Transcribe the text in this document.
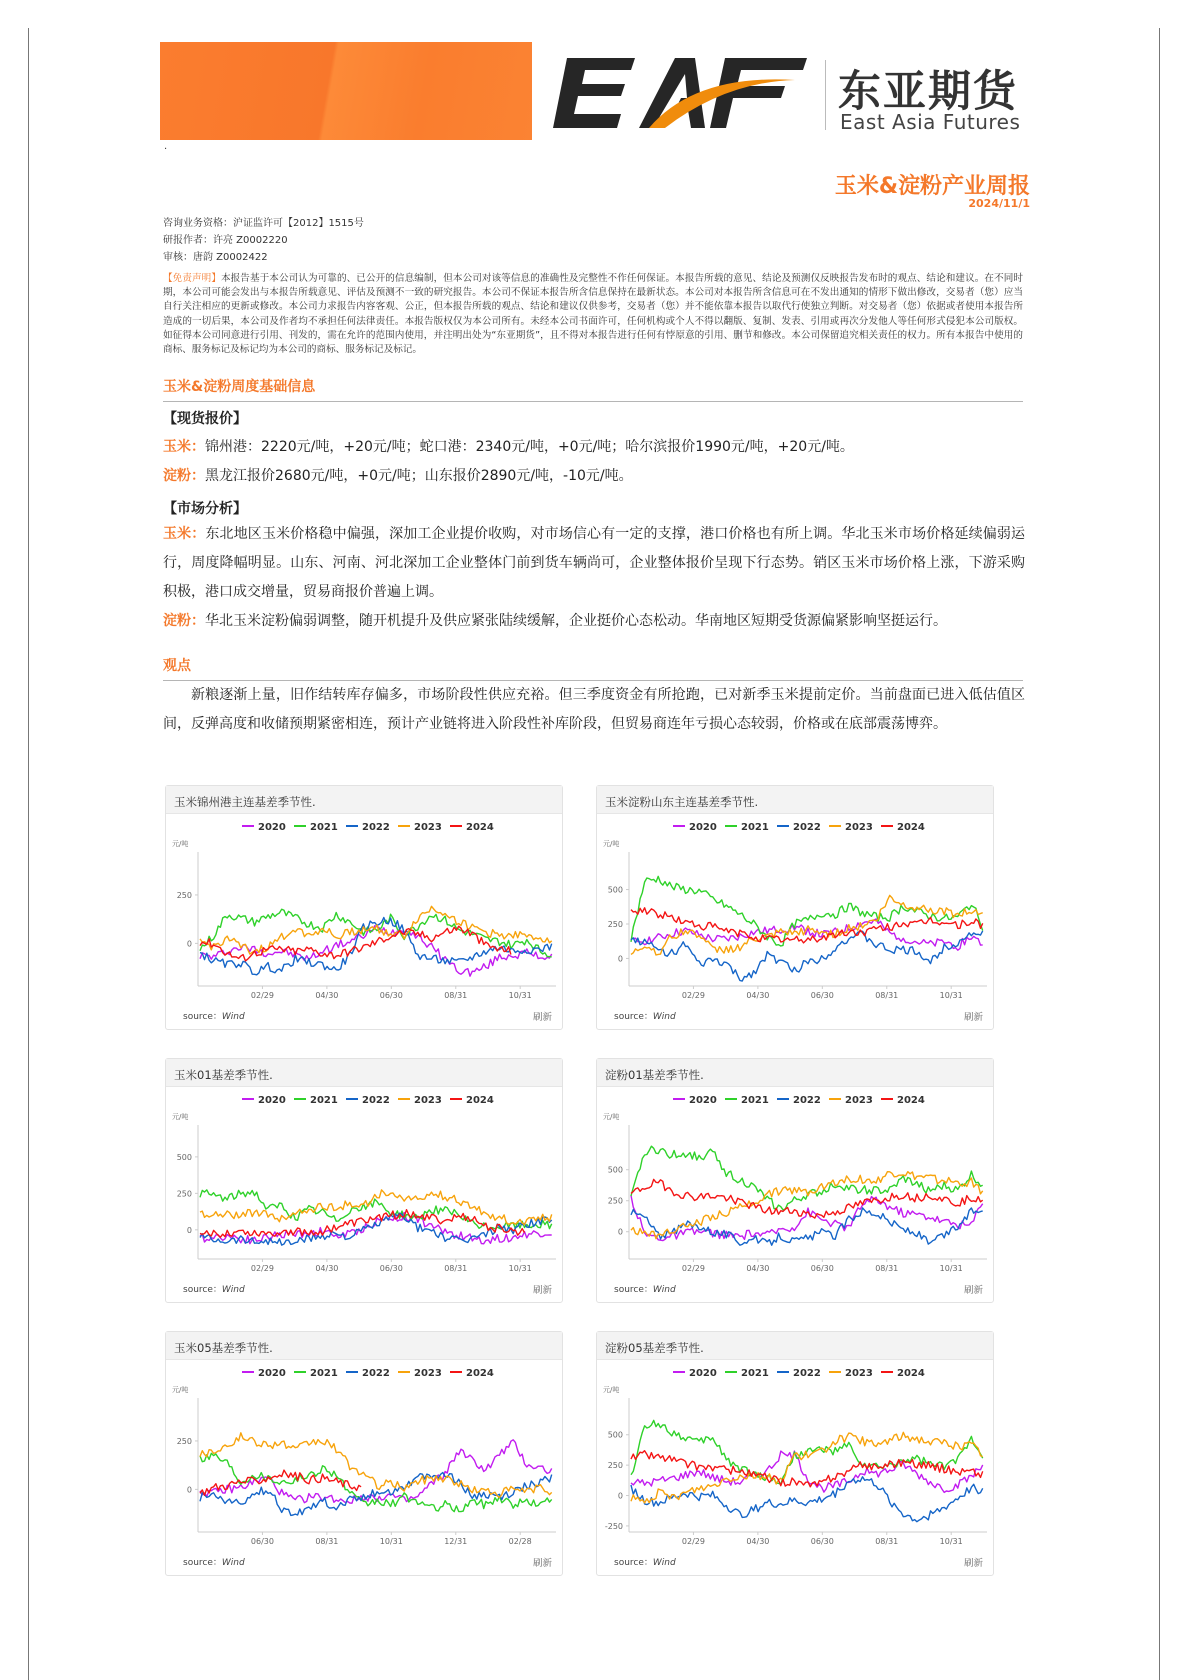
东亚期货
East Asia Futures
.
玉米&淀粉产业周报
2024/11/1
咨询业务资格：沪证监许可【2012】1515号
研报作者：许亮 Z0002220
审核：唐韵 Z0002422
【免责声明】本报告基于本公司认为可靠的、已公开的信息编制，但本公司对该等信息的准确性及完整性不作任何保证。本报告所载的意见、结论及预测仅反映报告发布时的观点、结论和建议。在不同时期，本公司可能会发出与本报告所载意见、评估及预测不一致的研究报告。本公司不保证本报告所含信息保持在最新状态。本公司对本报告所含信息可在不发出通知的情形下做出修改，交易者（您）应当自行关注相应的更新或修改。本公司力求报告内容客观、公正，但本报告所载的观点、结论和建议仅供参考，交易者（您）并不能依靠本报告以取代行使独立判断。对交易者（您）依据或者使用本报告所造成的一切后果，本公司及作者均不承担任何法律责任。本报告版权仅为本公司所有。未经本公司书面许可，任何机构或个人不得以翻版、复制、发表、引用或再次分发他人等任何形式侵犯本公司版权。如征得本公司同意进行引用、刊发的，需在允许的范围内使用，并注明出处为“东亚期货”，且不得对本报告进行任何有悖原意的引用、删节和修改。本公司保留追究相关责任的权力。所有本报告中使用的商标、服务标记及标记均为本公司的商标、服务标记及标记。
玉米&淀粉周度基础信息
【现货报价】
玉米：锦州港：2220元/吨，+20元/吨；蛇口港：2340元/吨，+0元/吨；哈尔滨报价1990元/吨，+20元/吨。
淀粉：黑龙江报价2680元/吨，+0元/吨；山东报价2890元/吨，-10元/吨。
【市场分析】
玉米：东北地区玉米价格稳中偏强，深加工企业提价收购，对市场信心有一定的支撑，港口价格也有所上调。华北玉米市场价格延续偏弱运行，周度降幅明显。山东、河南、河北深加工企业整体门前到货车辆尚可，企业整体报价呈现下行态势。销区玉米市场价格上涨，下游采购积极，港口成交增量，贸易商报价普遍上调。
淀粉：华北玉米淀粉偏弱调整，随开机提升及供应紧张陆续缓解，企业挺价心态松动。华南地区短期受货源偏紧影响坚挺运行。
观点
新粮逐渐上量，旧作结转库存偏多，市场阶段性供应充裕。但三季度资金有所抢跑，已对新季玉米提前定价。当前盘面已进入低估值区间，反弹高度和收储预期紧密相连，预计产业链将进入阶段性补库阶段，但贸易商连年亏损心态较弱，价格或在底部震荡博弈。
玉米锦州港主连基差季节性.
2020 2021 2022 2023 2024
元/吨
0
250
02/29	04/30	06/30	08/31	10/31
source：Wind	刷新
玉米淀粉山东主连基差季节性.
2020 2021 2022 2023 2024
元/吨
0
250
500
02/29	04/30	06/30	08/31	10/31
source：Wind	刷新
玉米01基差季节性.
2020 2021 2022 2023 2024
元/吨
0
250
500
02/29	04/30	06/30	08/31	10/31
source：Wind	刷新
淀粉01基差季节性.
2020 2021 2022 2023 2024
元/吨
0
250
500
02/29	04/30	06/30	08/31	10/31
source：Wind	刷新
玉米05基差季节性.
2020 2021 2022 2023 2024
元/吨
0
250
06/30	08/31	10/31	12/31	02/28
source：Wind	刷新
淀粉05基差季节性.
2020 2021 2022 2023 2024
元/吨
-250
0
250
500
02/29	04/30	06/30	08/31	10/31
source：Wind	刷新
